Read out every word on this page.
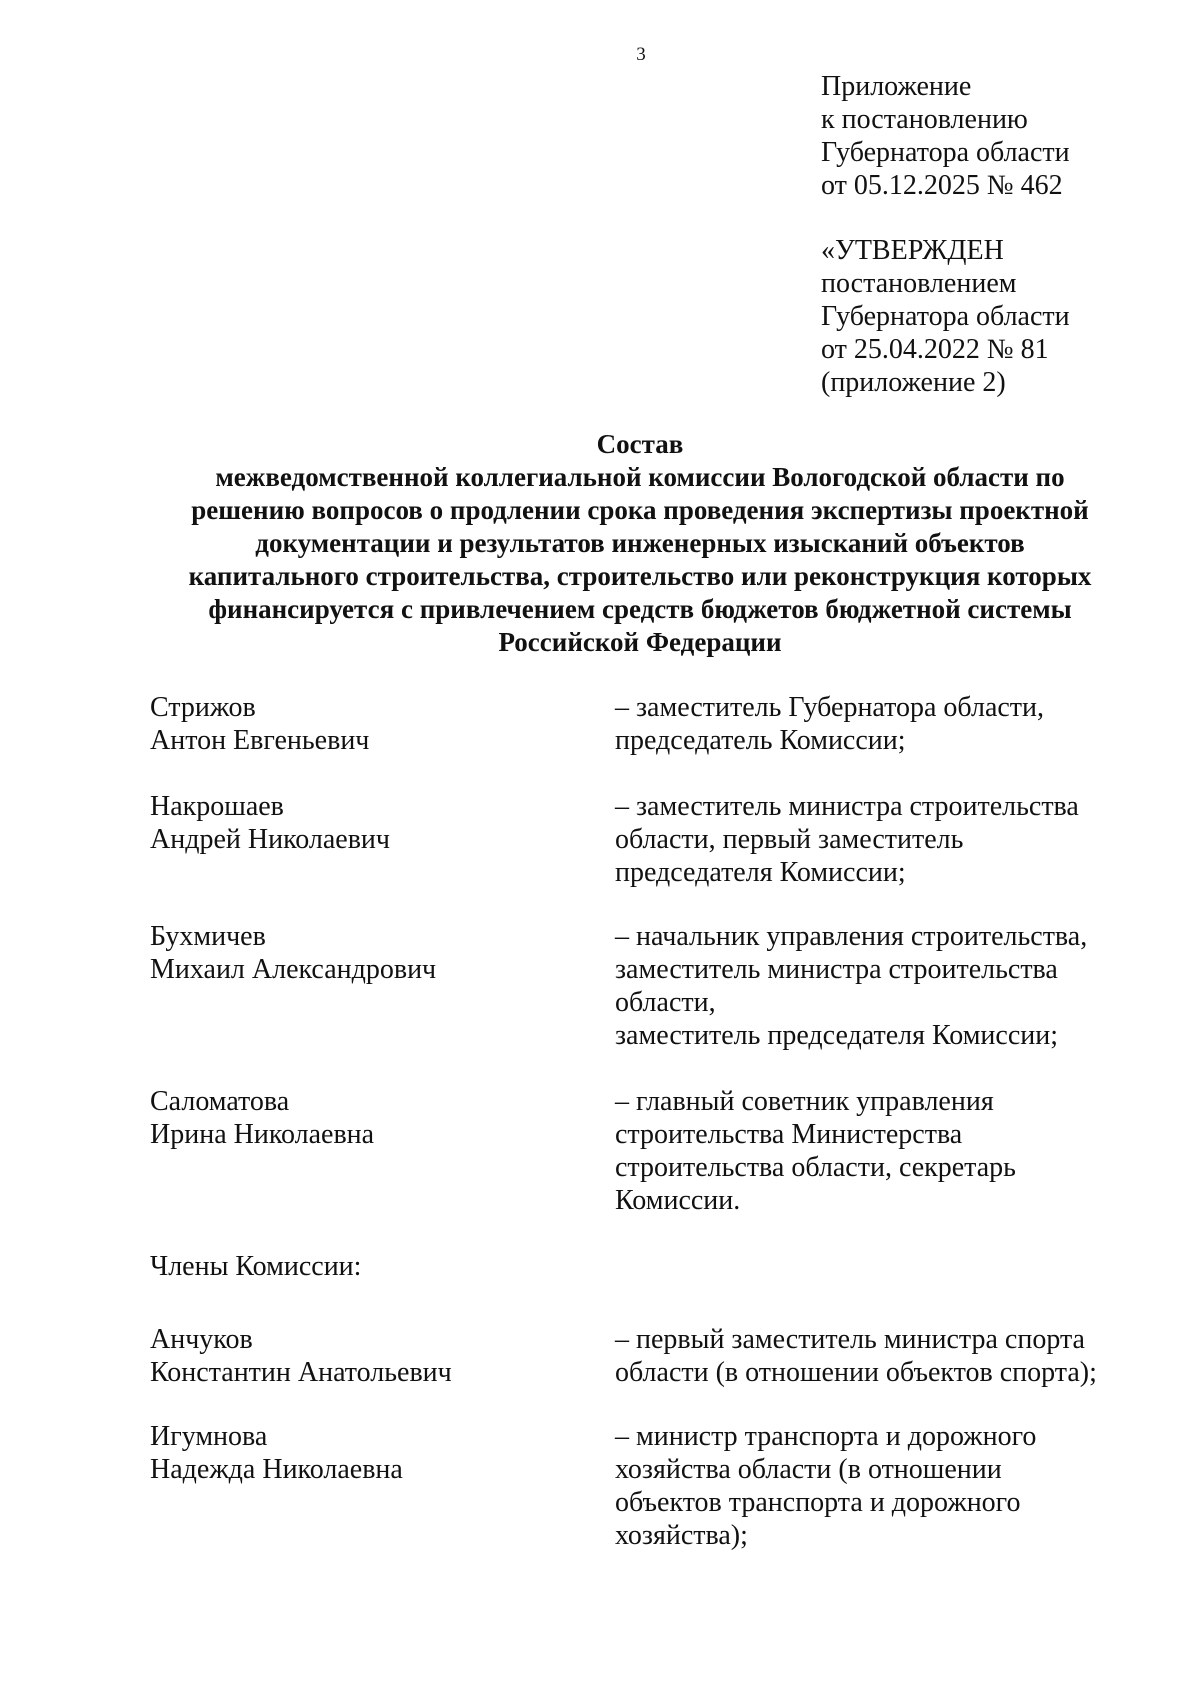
3
Приложение
к постановлению
Губернатора области
от 05.12.2025 № 462
«УТВЕРЖДЕН
постановлением
Губернатора области
от 25.04.2022 № 81
(приложение 2)
Состав
межведомственной коллегиальной комиссии Вологодской области по
решению вопросов о продлении срока проведения экспертизы проектной
документации и результатов инженерных изысканий объектов
капитального строительства, строительство или реконструкция которых
финансируется с привлечением средств бюджетов бюджетной системы
Российской Федерации
Стрижов
Антон Евгеньевич
– заместитель Губернатора области,
председатель Комиссии;
Накрошаев
Андрей Николаевич
– заместитель министра строительства
области, первый заместитель
председателя Комиссии;
Бухмичев
Михаил Александрович
– начальник управления строительства,
заместитель министра строительства
области,
заместитель председателя Комиссии;
Саломатова
Ирина Николаевна
– главный советник управления
строительства Министерства
строительства области, секретарь
Комиссии.
Члены Комиссии:
Анчуков
Константин Анатольевич
– первый заместитель министра спорта
области (в отношении объектов спорта);
Игумнова
Надежда Николаевна
– министр транспорта и дорожного
хозяйства области (в отношении
объектов транспорта и дорожного
хозяйства);
